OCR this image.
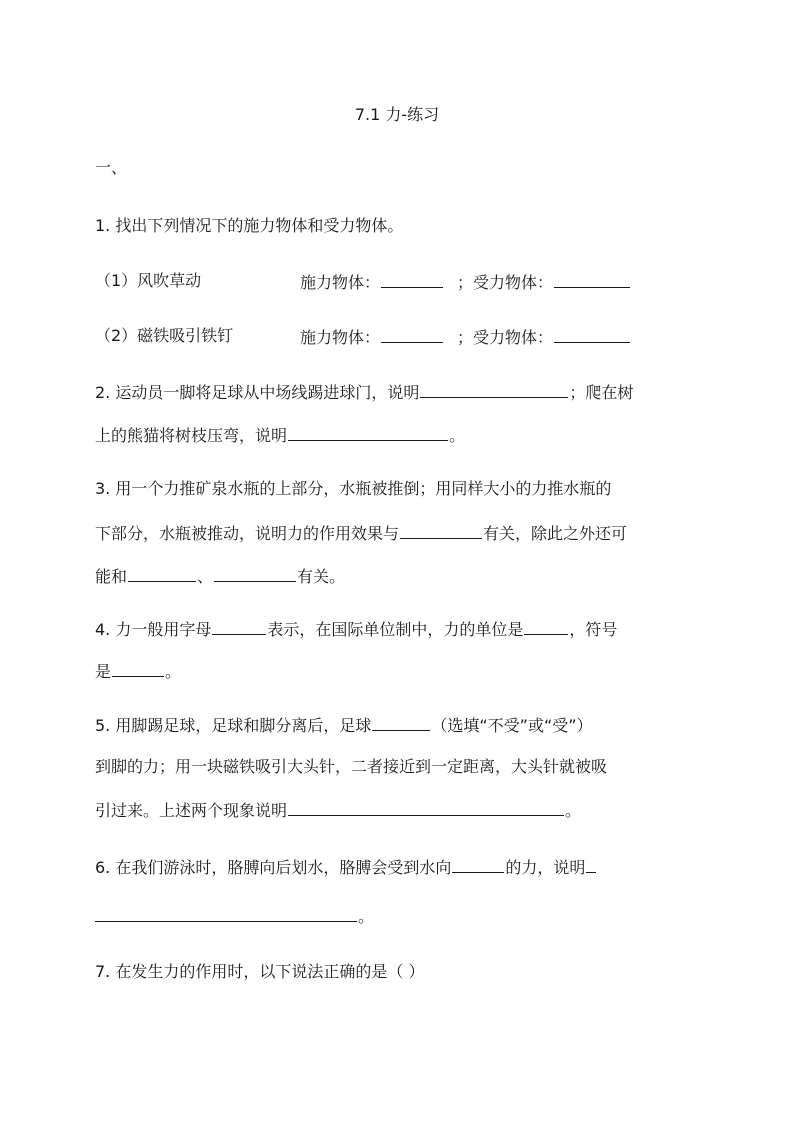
7.1 力-练习
一、
1. 找出下列情况下的施力物体和受力物体。
（1）风吹草动	施力物体：	；受力物体：
（2）磁铁吸引铁钉	施力物体：	；受力物体：
2. 运动员一脚将足球从中场线踢进球门，说明	；爬在树
上的熊猫将树枝压弯，说明	。
3. 用一个力推矿泉水瓶的上部分，水瓶被推倒；用同样大小的力推水瓶的
下部分，水瓶被推动，说明力的作用效果与	有关，除此之外还可
能和	、	有关。
4. 力一般用字母	表示，在国际单位制中，力的单位是	，符号
是	。
5. 用脚踢足球，足球和脚分离后，足球	（选填“不受”或“受”）
到脚的力；用一块磁铁吸引大头针，二者接近到一定距离，大头针就被吸
引过来。上述两个现象说明	。
6. 在我们游泳时，胳膊向后划水，胳膊会受到水向	的力，说明
。
7. 在发生力的作用时，以下说法正确的是（ ）
